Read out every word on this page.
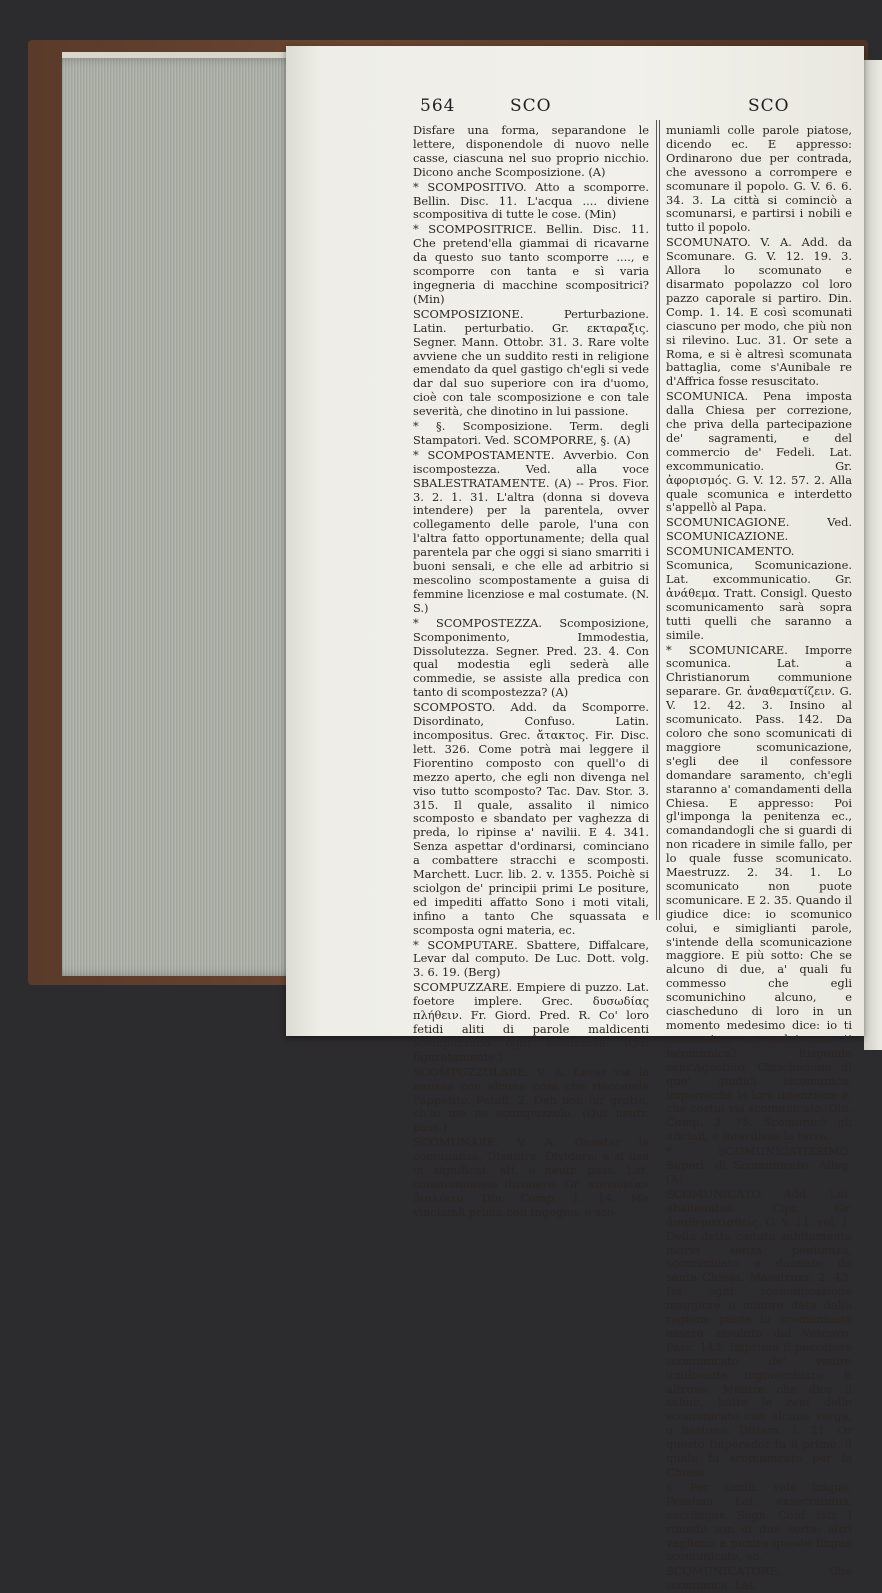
564	SCO	SCO

Disfare una forma, separandone le lettere, disponendole di nuovo nelle casse, ciascuna nel suo proprio nicchio. Dicono anche Scomposizione. (A)

* SCOMPOSITIVO. Atto a scomporre. Bellin. Disc. 11. L'acqua .... diviene scompositiva di tutte le cose. (Min)

* SCOMPOSITRICE. Bellin. Disc. 11. Che pretend'ella giammai di ricavarne da questo suo tanto scomporre ...., e scomporre con tanta e sì varia ingegneria di macchine scompositrici? (Min)

SCOMPOSIZIONE. Perturbazione. Latin. perturbatio. Gr. εκταραξις. Segner. Mann. Ottobr. 31. 3. Rare volte avviene che un suddito resti in religione emendato da quel gastigo ch'egli si vede dar dal suo superiore con ira d'uomo, cioè con tale scomposizione e con tale severità, che dinotino in lui passione.

* §. Scomposizione. Term. degli Stampatori. Ved. SCOMPORRE, §. (A)

* SCOMPOSTAMENTE. Avverbio. Con iscompostezza. Ved. alla voce SBALESTRATAMENTE. (A) -- Pros. Fior. 3. 2. 1. 31. L'altra (donna si doveva intendere) per la parentela, ovver collegamento delle parole, l'una con l'altra fatto opportunamente; della qual parentela par che oggi si siano smarriti i buoni sensali, e che elle ad arbitrio si mescolino scompostamente a guisa di femmine licenziose e mal costumate. (N. S.)

* SCOMPOSTEZZA. Scomposizione, Scomponimento, Immodestia, Dissolutezza. Segner. Pred. 23. 4. Con qual modestia egli sederà alle commedie, se assiste alla predica con tanto di scompostezza? (A)

SCOMPOSTO. Add. da Scomporre. Disordinato, Confuso. Latin. incompositus. Grec. ἄτακτος. Fir. Disc. lett. 326. Come potrà mai leggere il Fiorentino composto con quell'o di mezzo aperto, che egli non divenga nel viso tutto scomposto? Tac. Dav. Stor. 3. 315. Il quale, assalito il nimico scomposto e sbandato per vaghezza di preda, lo ripinse a' navilii. E 4. 341. Senza aspettar d'ordinarsi, cominciano a combattere stracchi e scomposti. Marchett. Lucr. lib. 2. v. 1355. Poichè si sciolgon de' principii primi Le positure, ed impediti affatto Sono i moti vitali, infino a tanto Che squassata e scomposta ogni materia, ec.

* SCOMPUTARE. Sbattere, Diffalcare, Levar dal computo. De Luc. Dott. volg. 3. 6. 19. (Berg)

SCOMPUZZARE. Empiere di puzzo. Lat. foetore implere. Grec. δυσωδίας πλήθειν. Fr. Giord. Pred. R. Co' loro fetidi aliti di parole maldicenti scompuzzano ogni assemblea. (Qui figuratamente.)

SCOMPUZZOLARE. V. A. Levar via la nausea con alcuna cosa che riaccenda l'appetito. Pataff. 2. Deh non far grotte, ch'io me ne scompuzzolo. (Qui neutr. pass.)

SCOMUNARE. V. A. Guastar la comunanza, Disunire, Dividere; e si usa in significat. att. e neutr. pass. Lat. communionem dirimere. Gr. κοινωνίαν διαλύειν. Din. Comp. 1. 14. Ma vinciamli prima con ingegno, e sco-

muniamli colle parole piatose, dicendo ec. E appresso: Ordinarono due per contrada, che avessono a corrompere e scomunare il popolo. G. V. 6. 6. 34. 3. La città si cominciò a scomunarsi, e partirsi i nobili e tutto il popolo.

SCOMUNATO. V. A. Add. da Scomunare. G. V. 12. 19. 3. Allora lo scomunato e disarmato popolazzo col loro pazzo caporale si partiro. Din. Comp. 1. 14. E così scomunati ciascuno per modo, che più non si rilevino. Luc. 31. Or sete a Roma, e si è altresì scomunata battaglia, come s'Aunibale re d'Affrica fosse resuscitato.

SCOMUNICA. Pena imposta dalla Chiesa per correzione, che priva della partecipazione de' sagramenti, e del commercio de' Fedeli. Lat. excommunicatio. Gr. ἀφορισμός. G. V. 12. 57. 2. Alla quale scomunica e interdetto s'appellò al Papa.

SCOMUNICAGIONE. Ved. SCOMUNICAZIONE.

SCOMUNICAMENTO. Scomunica, Scomunicazione. Lat. excommunicatio. Gr. ἀνάθεμα. Tratt. Consigl. Questo scomunicamento sarà sopra tutti quelli che saranno a simile.

* SCOMUNICARE. Imporre scomunica. Lat. a Christianorum communione separare. Gr. ἀναθεματίζειν. G. V. 12. 42. 3. Insino al scomunicato. Pass. 142. Da coloro che sono scomunicati di maggiore scomunicazione, s'egli dee il confessore domandare saramento, ch'egli staranno a' comandamenti della Chiesa. E appresso: Poi gl'imponga la penitenza ec., comandandogli che si guardi di non ricadere in simile fallo, per lo quale fusse scomunicato. Maestruzz. 2. 34. 1. Lo scomunicato non puote scomunicare. E 2. 35. Quando il giudice dice: io scomunico colui, e simiglianti parole, s'intende della scomunicazione maggiore. E più sotto: Che se alcuno di due, a' quali fu commesso che egli scomunichino alcuno, e ciascheduno di loro in un momento medesimo dice: io ti scomunico, ec. colui non ti iscomunica? Risponde sant'Agostino: Ciascheduno di que' giudici iscomunica, imperocchè la loro intenzione è, che costui sia scomunicato. Din. Comp. 3. 75. Scomunicò gli uficiali, e interdisse la terra.

* SCOMUNICATISSIMO. Superl. di Scomunicato. Alleg. (A)

SCOMUNICATO. Add. Lat. abalienatus. Cipr. Gr. ἀναθεματισθείς. G. V. 11. vol. 1. Della detta caduta subitamente morìo senza penitenza, scomunicato e dannato da santa Chiesa. Maestruzz. 2. 43. Da ogni scomunicazione maggiore o minore data dalla ragione puote lo scomunicato essere assoluto dal Vescovo. Pass. 143. Imprima il peccatore scomunicato de' venire umilmente inginocchiare. E altrove: Mentre che dice il salmo, batte le reni dello scomunicato con alcuna verga, o bastone. Dittam. 1. 21. Or questo Imperador fu il primo, il quale fu scomunicato per la Chiesa.

§. Per simili. vale Iniquo, Pessimo. Lat. exsecrandus, sacrilegus. Segn. Conf. Istr. I rimedii son di due sorte: altri vagliono a punire queste lingue scomunicate, ec.

SCOMUNICATORE. Che scomunica. Lat.
